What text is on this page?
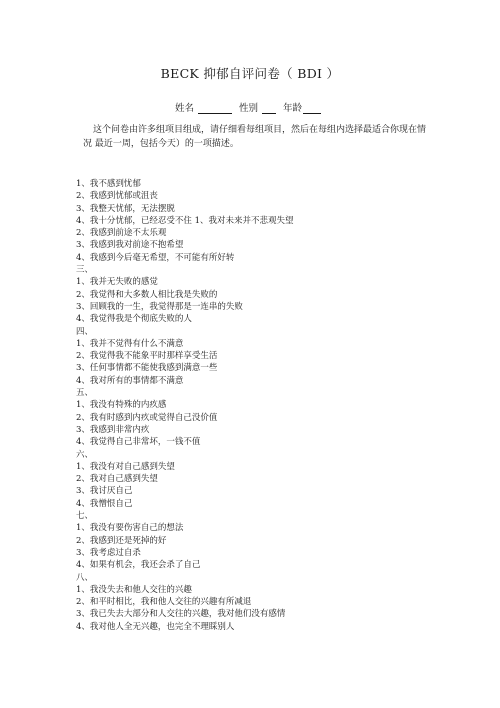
BECK 抑郁自评问卷（ BDI ）
姓名	性别	年龄
这个问卷由许多组项目组成，请仔细看每组项目，然后在每组内选择最适合你现在情况 最近一周，包括今天）的一项描述。
1、我不感到忧郁
2、我感到忧郁或沮丧
3、我整天忧郁，无法摆脱
4、我十分忧郁，已经忍受不住 1、我对未来并不悲观失望
2、我感到前途不太乐观
3、我感到我对前途不抱希望
4、我感到今后毫无希望，不可能有所好转
三、
1、我并无失败的感觉
2、我觉得和大多数人相比我是失败的
3、回顾我的一生，我觉得那是一连串的失败
4、我觉得我是个彻底失败的人
四、
1、我并不觉得有什么不满意
2、我觉得我不能象平时那样享受生活
3、任何事情都不能使我感到满意一些
4、我对所有的事情都不满意
五、
1、我没有特殊的内疚感
2、我有时感到内疚或觉得自己没价值
3、我感到非常内疚
4、我觉得自己非常坏，一钱不值
六、
1、我没有对自己感到失望
2、我对自己感到失望
3、我讨厌自己
4、我憎恨自己
七、
1、我没有要伤害自己的想法
2、我感到还是死掉的好
3、我考虑过自杀
4、如果有机会，我还会杀了自己
八、
1、我没失去和他人交往的兴趣
2、和平时相比，我和他人交往的兴趣有所减退
3、我已失去大部分和人交往的兴趣，我对他们没有感情
4、我对他人全无兴趣，也完全不理睬别人
